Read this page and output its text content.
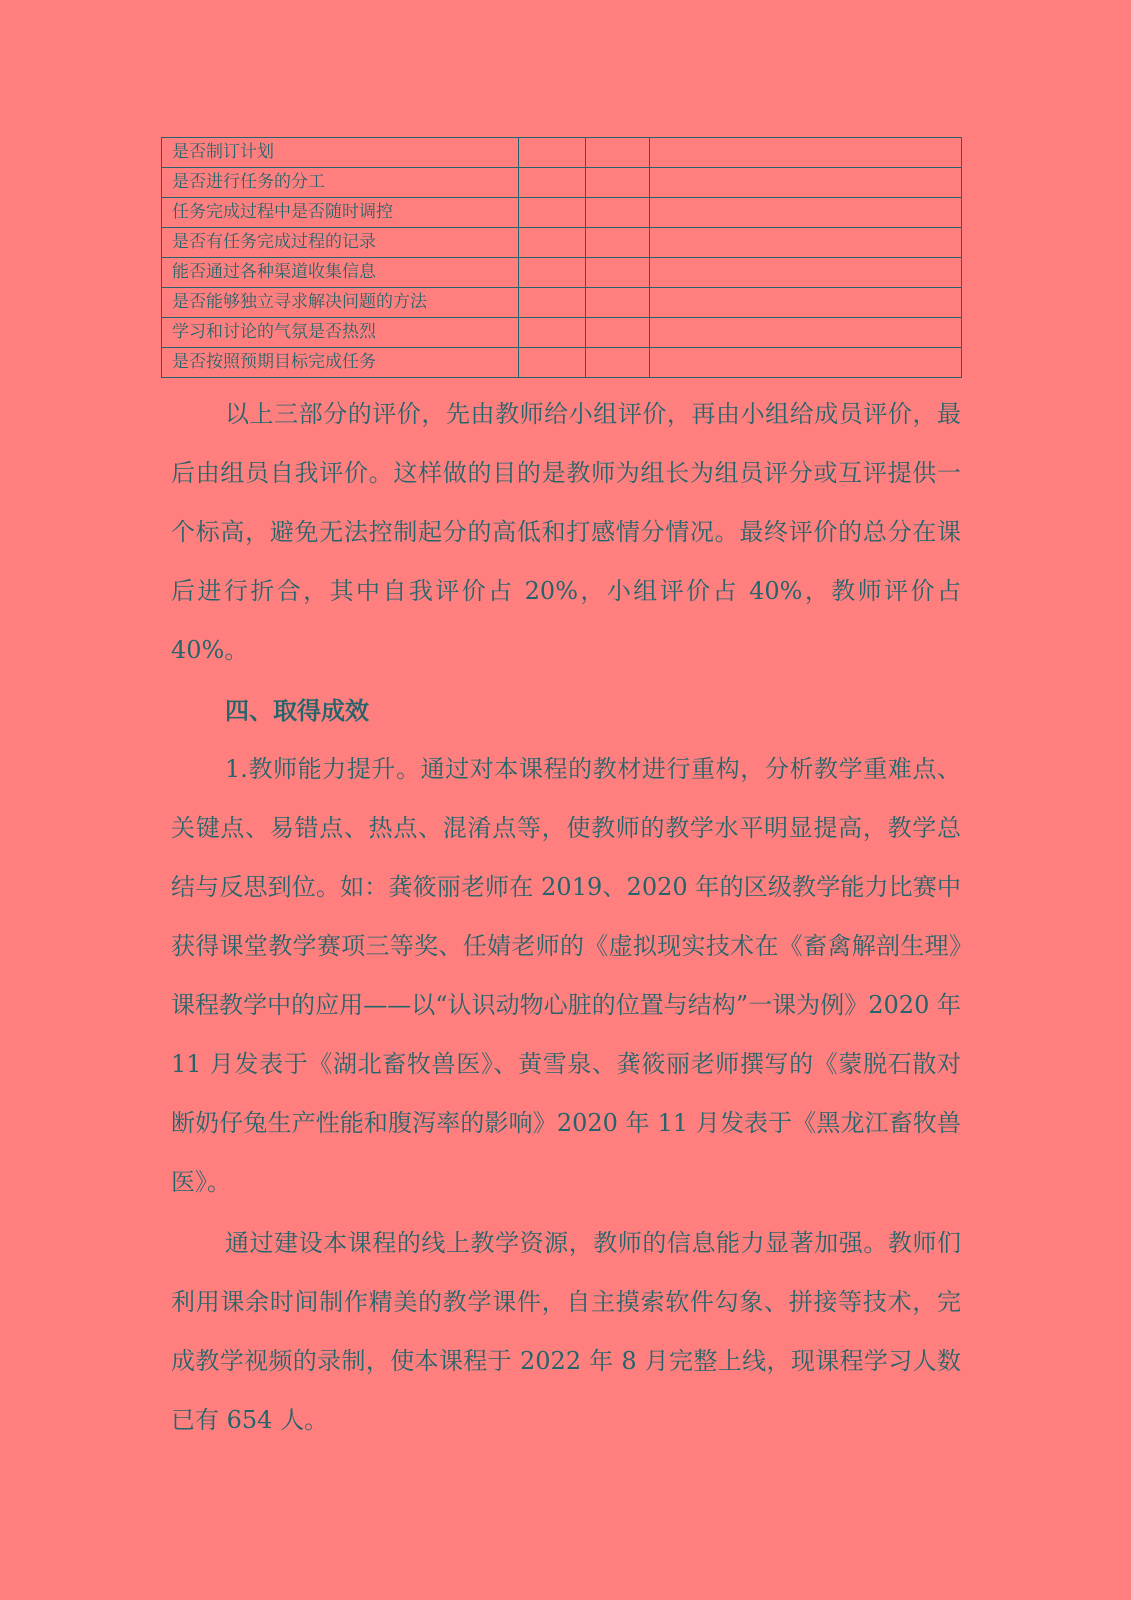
是否制订计划			
是否进行任务的分工			
任务完成过程中是否随时调控			
是否有任务完成过程的记录			
能否通过各种渠道收集信息			
是否能够独立寻求解决问题的方法			
学习和讨论的气氛是否热烈			
是否按照预期目标完成任务			

以上三部分的评价，先由教师给小组评价，再由小组给成员评价，最后由组员自我评价。这样做的目的是教师为组长为组员评分或互评提供一个标高，避免无法控制起分的高低和打感情分情况。最终评价的总分在课后进行折合，其中自我评价占 20%，小组评价占 40%，教师评价占 40%。

四、取得成效

1.教师能力提升。通过对本课程的教材进行重构，分析教学重难点、关键点、易错点、热点、混淆点等，使教师的教学水平明显提高，教学总结与反思到位。如：龚筱丽老师在 2019、2020 年的区级教学能力比赛中获得课堂教学赛项三等奖、任婧老师的《虚拟现实技术在《畜禽解剖生理》课程教学中的应用——以“认识动物心脏的位置与结构”一课为例》2020 年 11 月发表于《湖北畜牧兽医》、黄雪泉、龚筱丽老师撰写的《蒙脱石散对断奶仔兔生产性能和腹泻率的影响》2020 年 11 月发表于《黑龙江畜牧兽医》。

通过建设本课程的线上教学资源，教师的信息能力显著加强。教师们利用课余时间制作精美的教学课件，自主摸索软件勾象、拼接等技术，完成教学视频的录制，使本课程于 2022 年 8 月完整上线，现课程学习人数已有 654 人。
